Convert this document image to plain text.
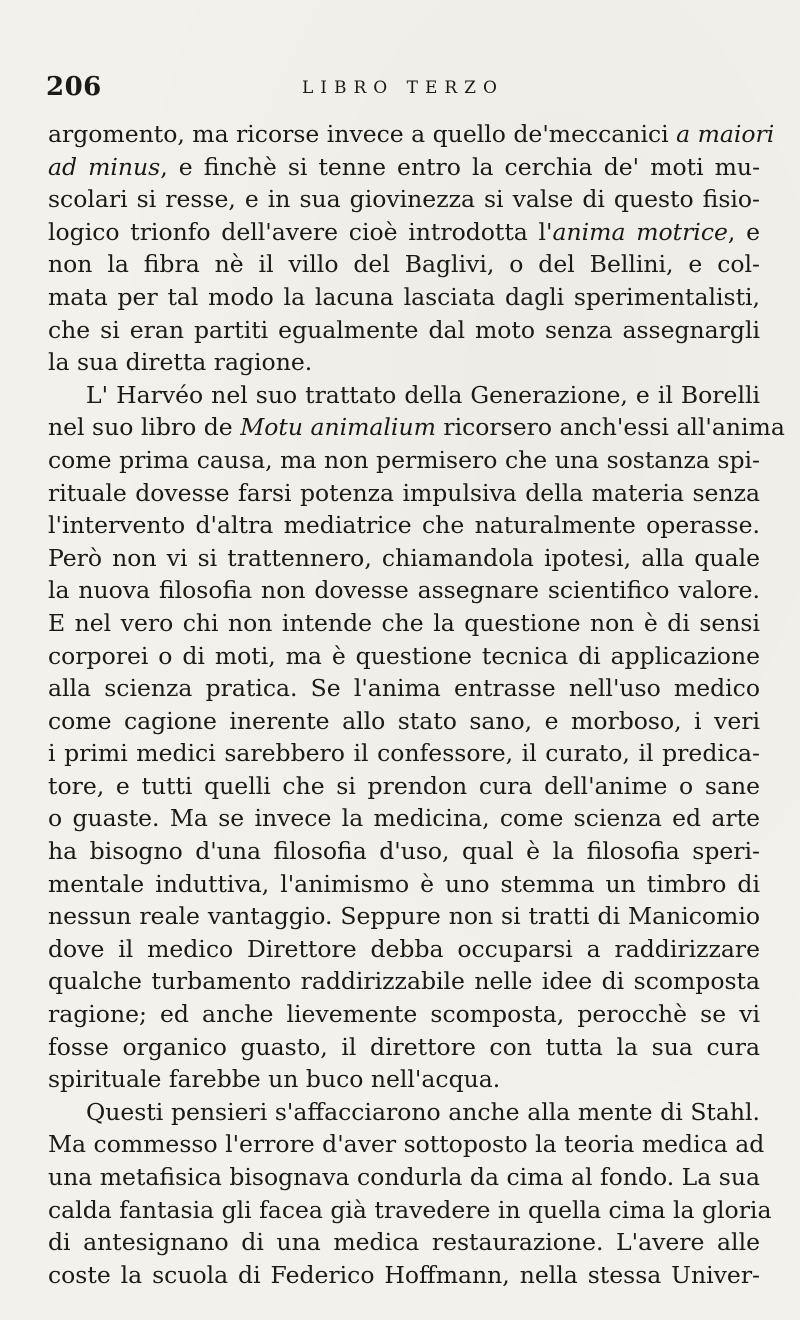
206	LIBRO TERZO
argomento, ma ricorse invece a quello de'meccanici a maiori
ad minus, e finchè si tenne entro la cerchia de' moti mu-
scolari si resse, e in sua giovinezza si valse di questo fisio-
logico trionfo dell'avere cioè introdotta l'anima motrice, e
non la fibra nè il villo del Baglivi, o del Bellini, e col-
mata per tal modo la lacuna lasciata dagli sperimentalisti,
che si eran partiti egualmente dal moto senza assegnargli
la sua diretta ragione.
L' Harvéo nel suo trattato della Generazione, e il Borelli
nel suo libro de Motu animalium ricorsero anch'essi all'anima
come prima causa, ma non permisero che una sostanza spi-
rituale dovesse farsi potenza impulsiva della materia senza
l'intervento d'altra mediatrice che naturalmente operasse.
Però non vi si trattennero, chiamandola ipotesi, alla quale
la nuova filosofia non dovesse assegnare scientifico valore.
E nel vero chi non intende che la questione non è di sensi
corporei o di moti, ma è questione tecnica di applicazione
alla scienza pratica. Se l'anima entrasse nell'uso medico
come cagione inerente allo stato sano, e morboso, i veri
i primi medici sarebbero il confessore, il curato, il predica-
tore, e tutti quelli che si prendon cura dell'anime o sane
o guaste. Ma se invece la medicina, come scienza ed arte
ha bisogno d'una filosofia d'uso, qual è la filosofia speri-
mentale induttiva, l'animismo è uno stemma un timbro di
nessun reale vantaggio. Seppure non si tratti di Manicomio
dove il medico Direttore debba occuparsi a raddirizzare
qualche turbamento raddirizzabile nelle idee di scomposta
ragione; ed anche lievemente scomposta, perocchè se vi
fosse organico guasto, il direttore con tutta la sua cura
spirituale farebbe un buco nell'acqua.
Questi pensieri s'affacciarono anche alla mente di Stahl.
Ma commesso l'errore d'aver sottoposto la teoria medica ad
una metafisica bisognava condurla da cima al fondo. La sua
calda fantasia gli facea già travedere in quella cima la gloria
di antesignano di una medica restaurazione. L'avere alle
coste la scuola di Federico Hoffmann, nella stessa Univer-
